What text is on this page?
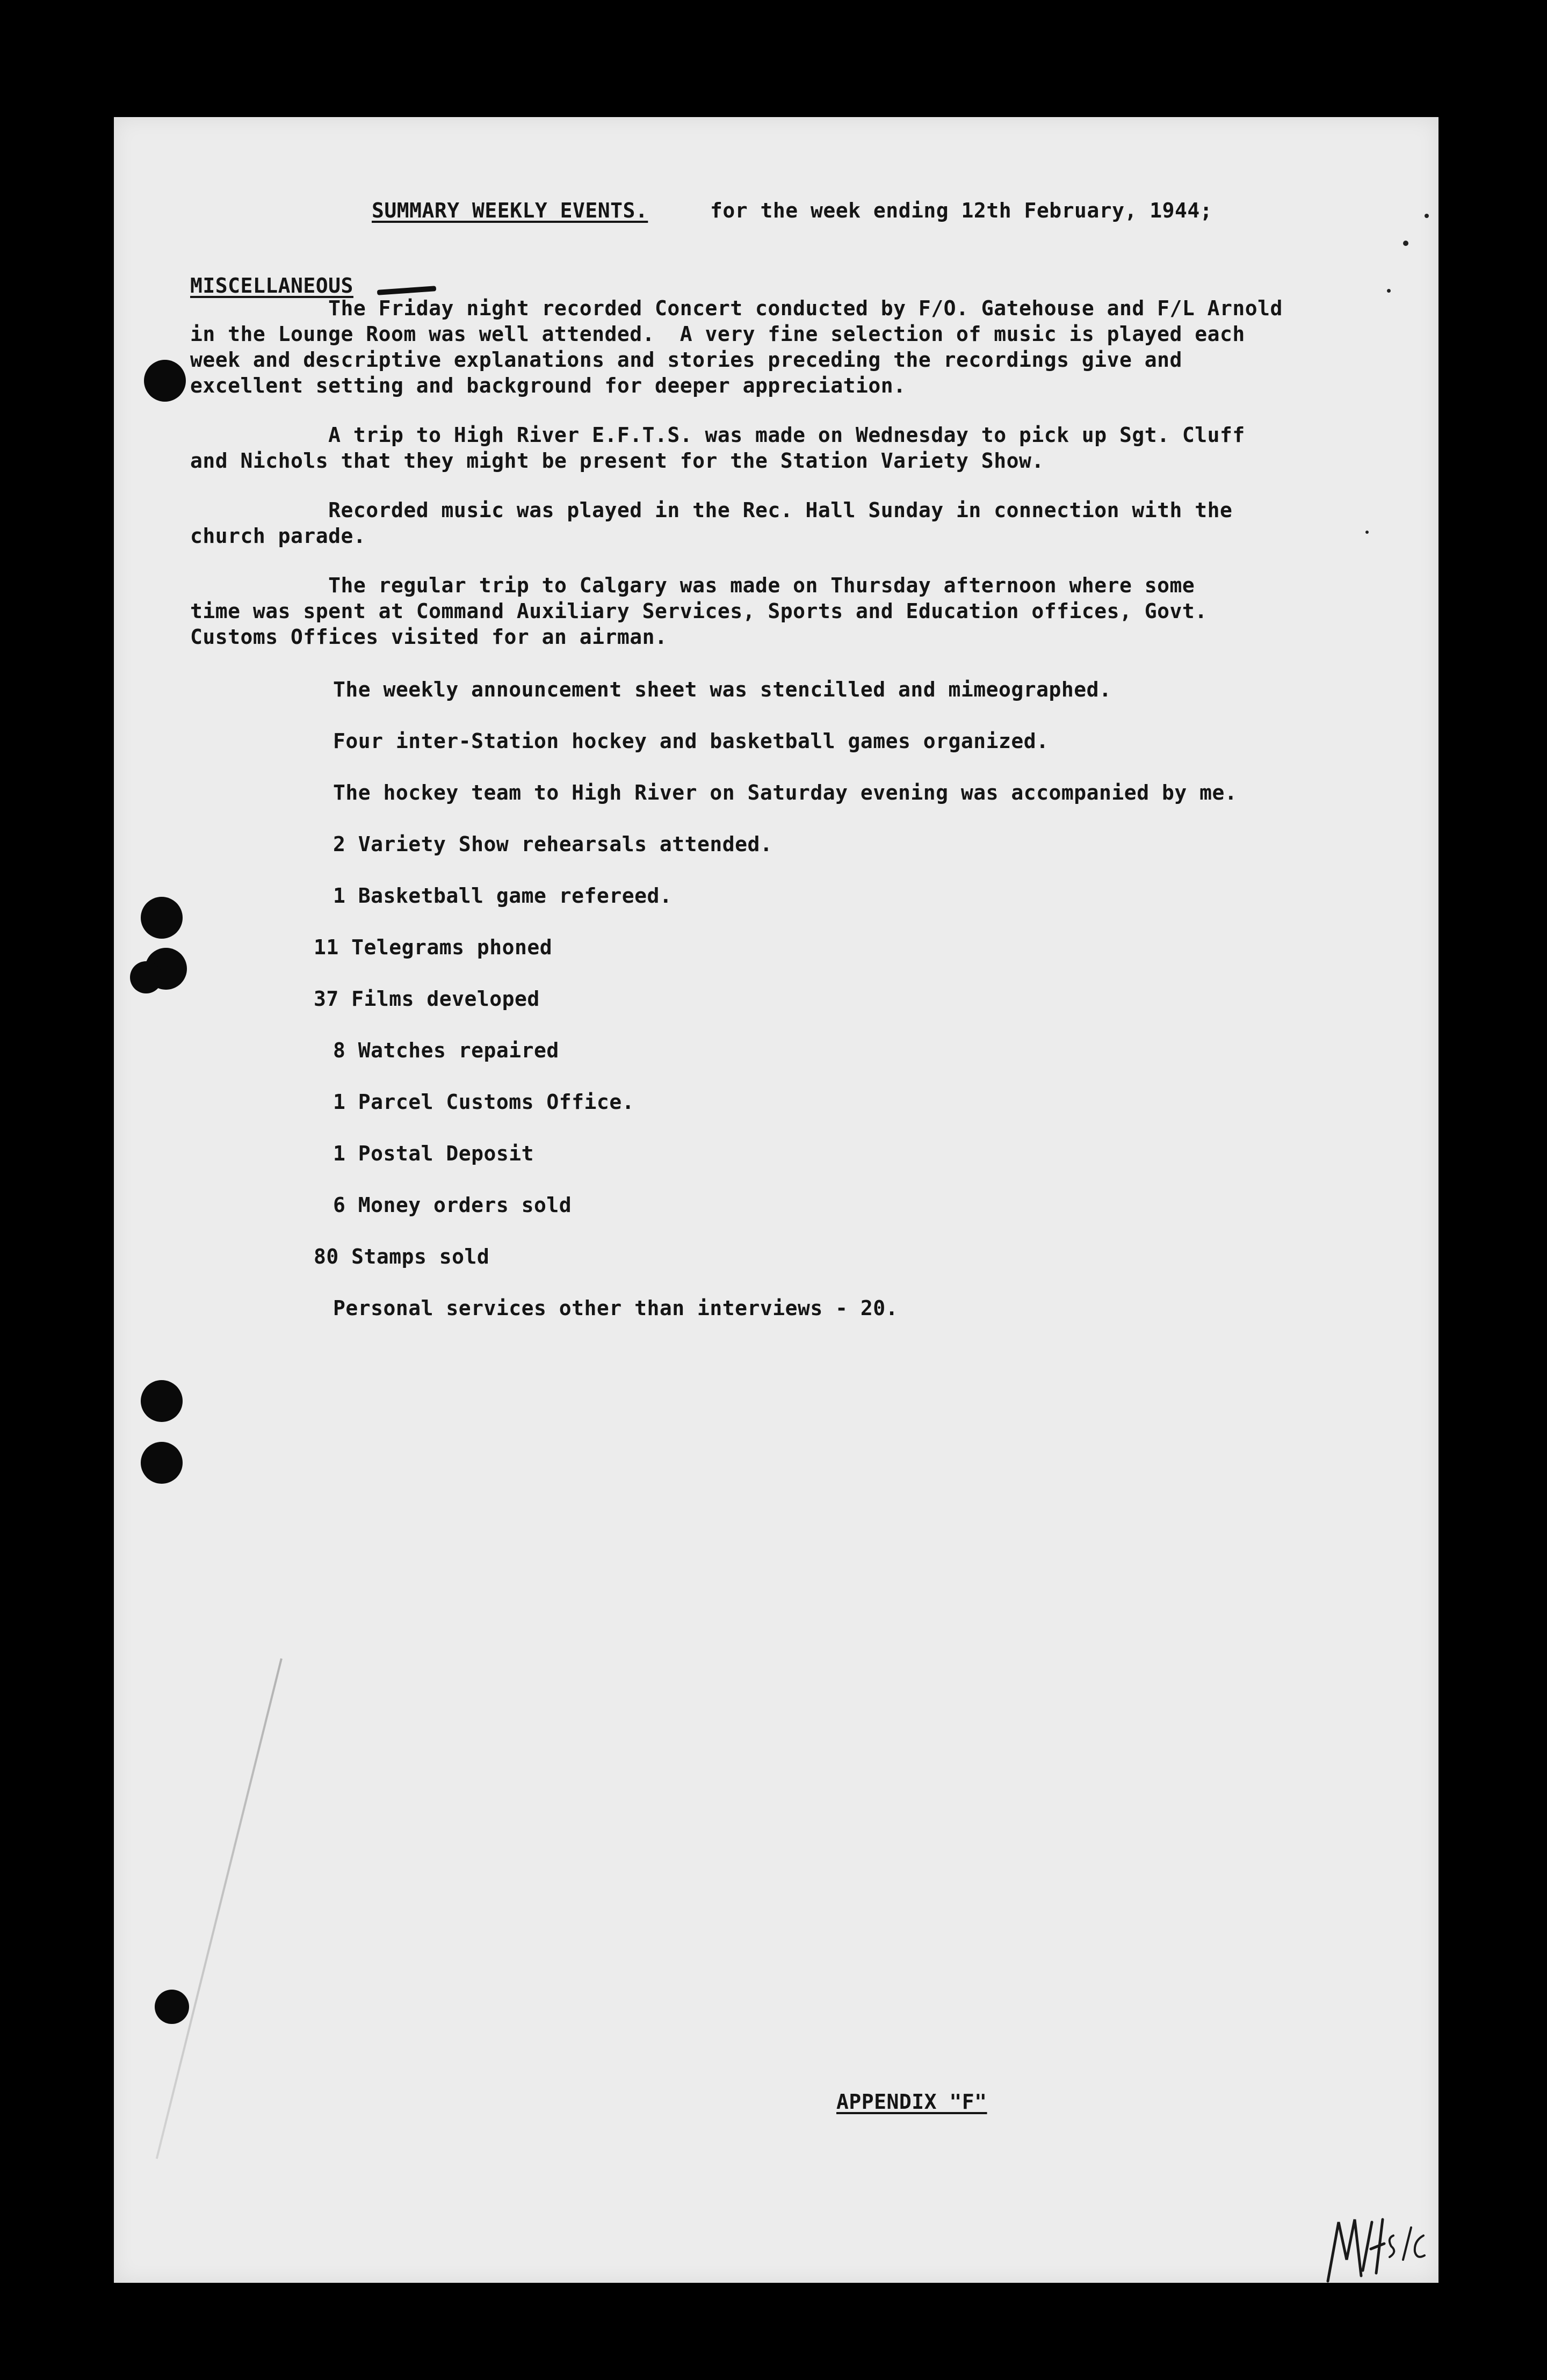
SUMMARY WEEKLY EVENTS.	for the week ending 12th February, 1944;
MISCELLANEOUS
The Friday night recorded Concert conducted by F/O. Gatehouse and F/L Arnold
in the Lounge Room was well attended.  A very fine selection of music is played each
week and descriptive explanations and stories preceding the recordings give and
excellent setting and background for deeper appreciation.
A trip to High River E.F.T.S. was made on Wednesday to pick up Sgt. Cluff
and Nichols that they might be present for the Station Variety Show.
Recorded music was played in the Rec. Hall Sunday in connection with the
church parade.
The regular trip to Calgary was made on Thursday afternoon where some
time was spent at Command Auxiliary Services, Sports and Education offices, Govt.
Customs Offices visited for an airman.
The weekly announcement sheet was stencilled and mimeographed.
Four inter-Station hockey and basketball games organized.
The hockey team to High River on Saturday evening was accompanied by me.
2 Variety Show rehearsals attended.
1 Basketball game refereed.
11 Telegrams phoned
37 Films developed
8 Watches repaired
1 Parcel Customs Office.
1 Postal Deposit
6 Money orders sold
80 Stamps sold
Personal services other than interviews - 20.
APPENDIX "F"
